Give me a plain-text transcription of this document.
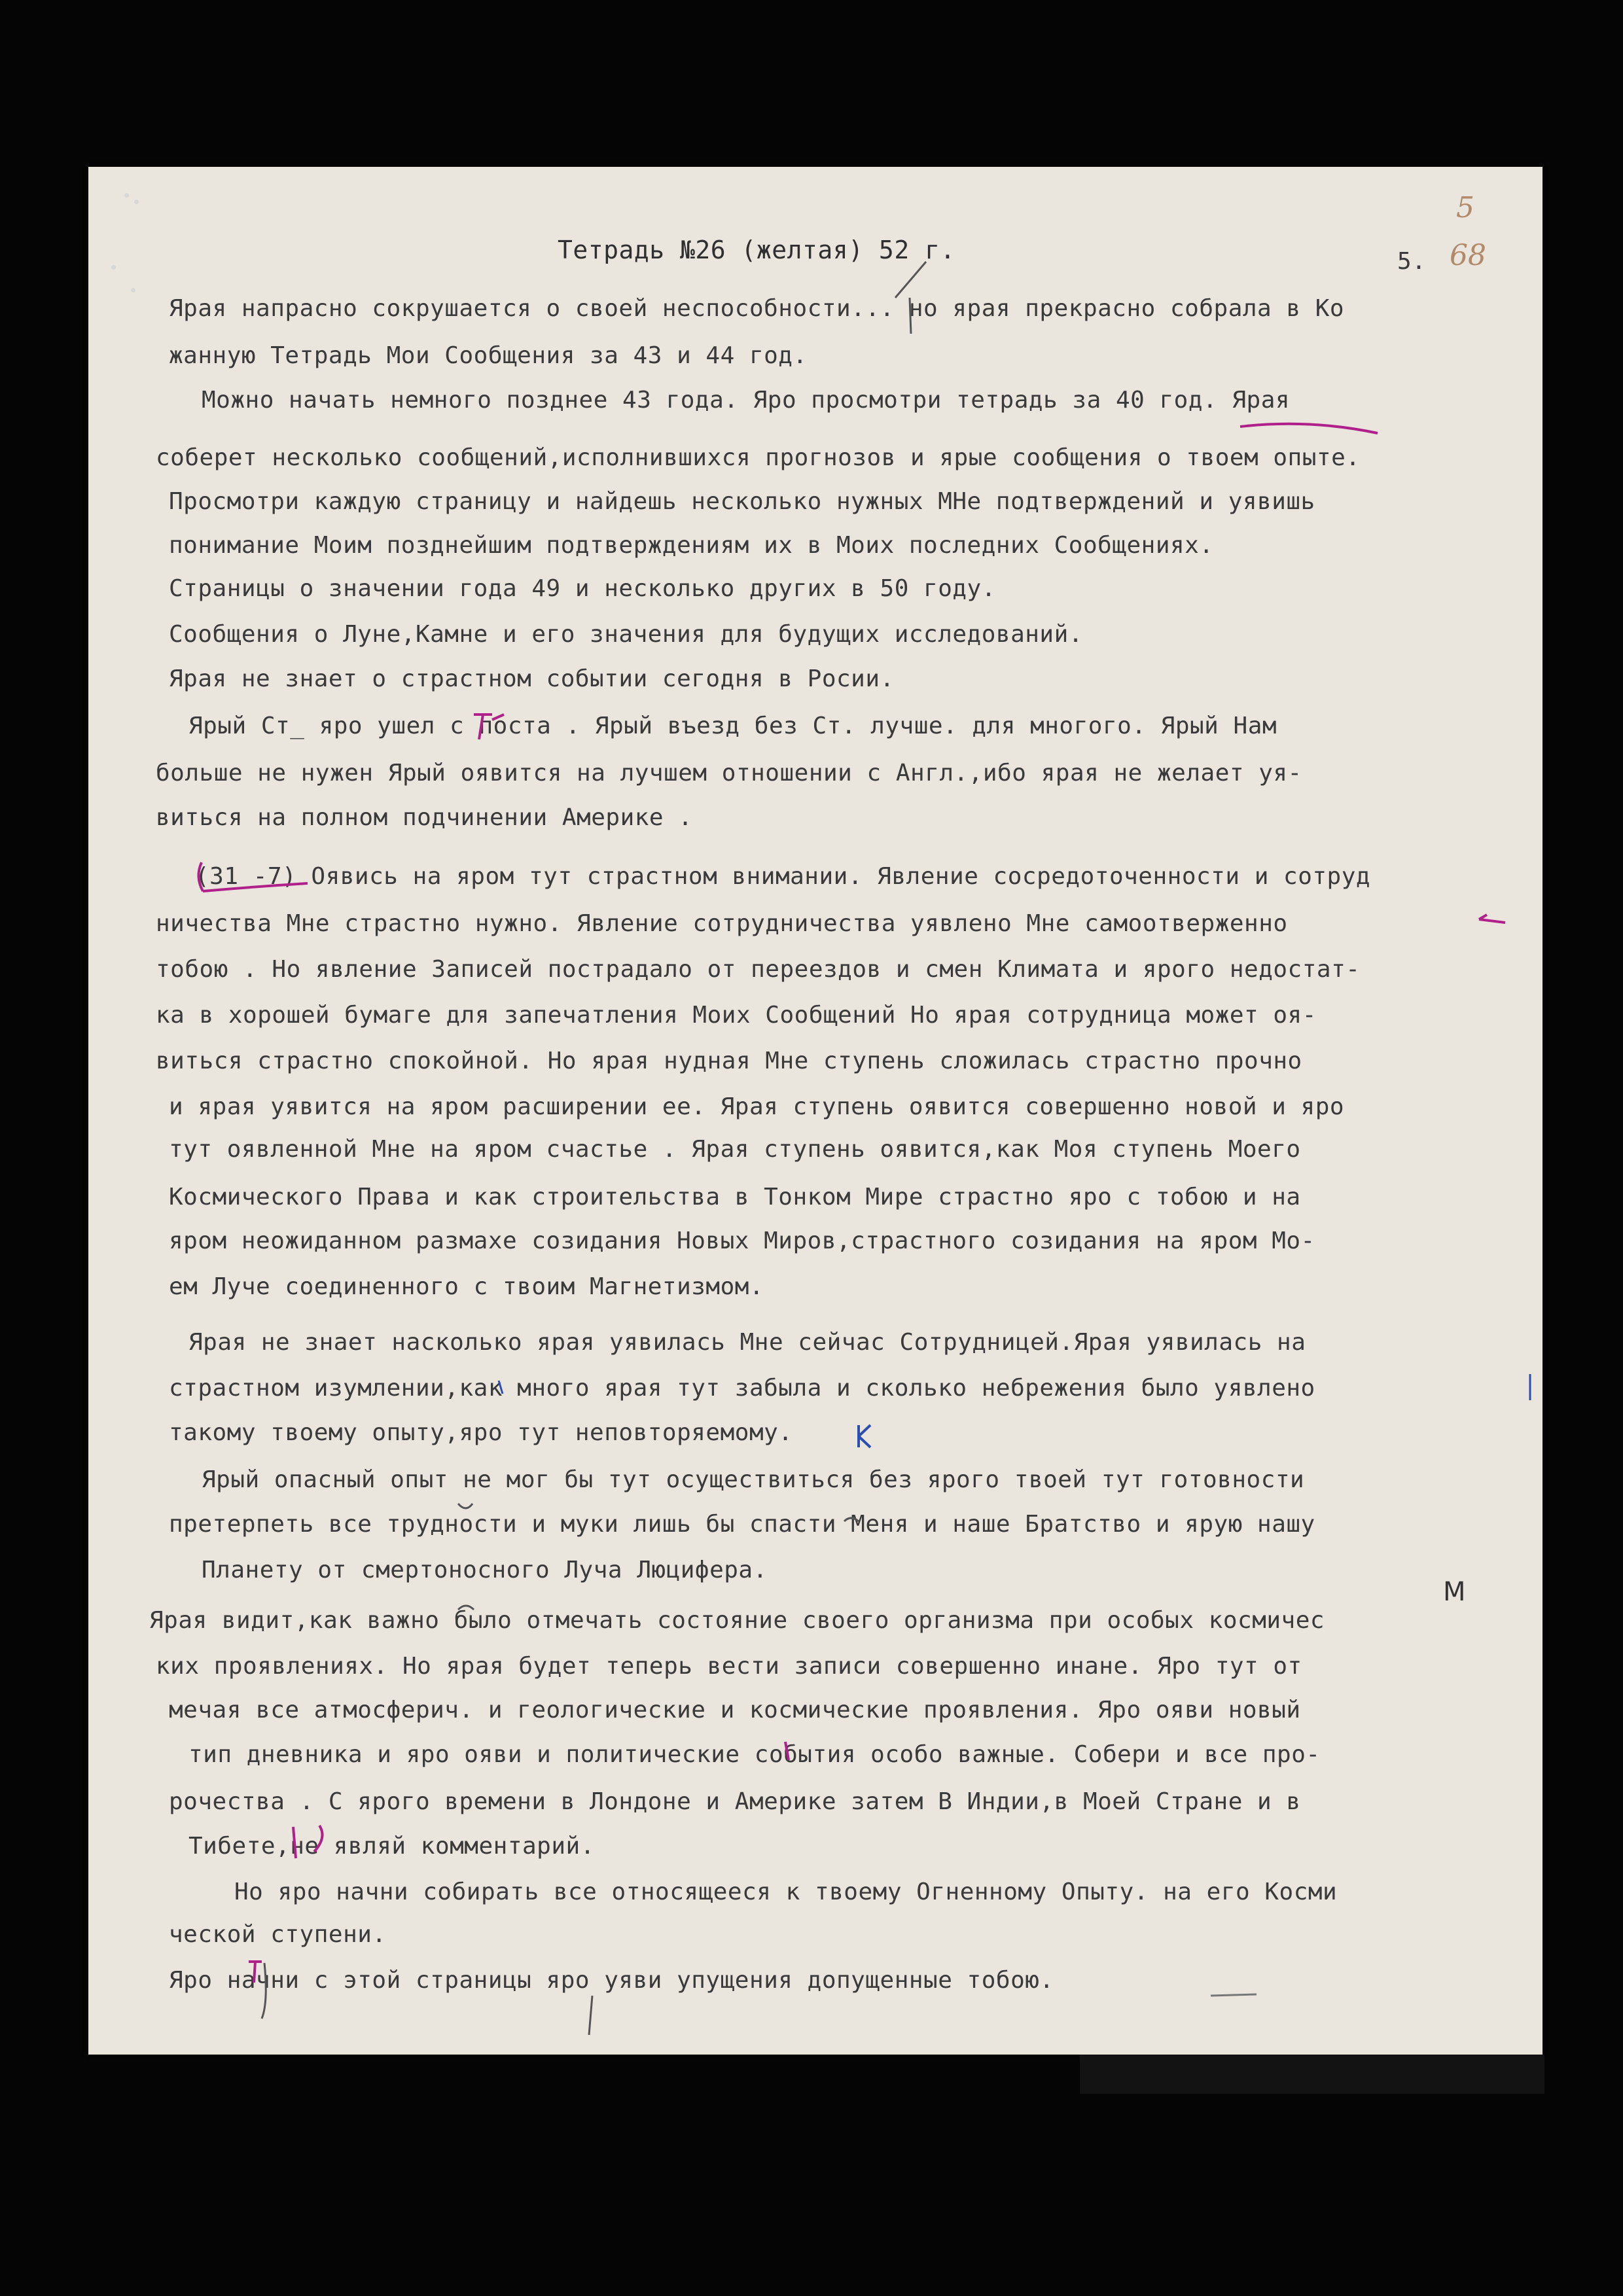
Тетрадь №26 (желтая) 52 г.	5.
5
68
Ярая напрасно сокрушается о своей неспособности... но ярая прекрасно собрала в Ко
жанную Тетрадь Мои Сообщения за 43 и 44 год.
Можно начать немного позднее 43 года. Яро просмотри тетрадь за 40 год. Ярая
соберет несколько сообщений,исполнившихся прогнозов и ярые сообщения о твоем опыте.
Просмотри каждую страницу и найдешь несколько нужных МНе подтверждений и уявишь
понимание Моим позднейшим подтверждениям их в Моих последних Сообщениях.
Страницы о значении года 49 и несколько других в 50 году.
Сообщения о Луне,Камне и его значения для будущих исследований.
Ярая не знает о страстном событии сегодня в Росии.
Ярый Ст_ яро ушел с поста . Ярый въезд без Ст. лучше. для многого. Ярый Нам
больше не нужен Ярый оявится на лучшем отношении с Англ.,ибо ярая не желает уя-
виться на полном подчинении Америке .
(31 -7) Оявись на яром тут страстном внимании. Явление сосредоточенности и сотруд
ничества Мне страстно нужно. Явление сотрудничества уявлено Мне самоотверженно
тобою . Но явление Записей пострадало от переездов и смен Климата и ярого недостат-
ка в хорошей бумаге для запечатления Моих Сообщений Но ярая сотрудница может оя-
виться страстно спокойной. Но ярая нудная Мне ступень сложилась страстно прочно
и ярая уявится на яром расширении ее. Ярая ступень оявится совершенно новой и яро
тут оявленной Мне на яром счастье . Ярая ступень оявится,как Моя ступень Моего
Космического Права и как строительства в Тонком Мире страстно яро с тобою и на
яром неожиданном размахе созидания Новых Миров,страстного созидания на яром Мо-
ем Луче соединенного с твоим Магнетизмом.
Ярая не знает насколько ярая уявилась Мне сейчас Сотрудницей.Ярая уявилась на
страстном изумлении,как много ярая тут забыла и сколько небрежения было уявлено
такому твоему опыту,яро тут неповторяемому.
Ярый опасный опыт не мог бы тут осуществиться без ярого твоей тут готовности
претерпеть все трудности и муки лишь бы спасти Меня и наше Братство и ярую нашу
Планету от смертоносного Луча Люцифера.
Ярая видит,как важно было отмечать состояние своего организма при особых космичес
ких проявлениях. Но ярая будет теперь вести записи совершенно инане. Яро тут от
мечая все атмосферич. и геологические и космические проявления. Яро ояви новый
тип дневника и яро ояви и политические события особо важные. Собери и все про-
рочества . С ярого времени в Лондоне и Америке затем В Индии,в Моей Стране и в
Тибете,не являй комментарий.
Но яро начни собирать все относящееся к твоему Огненному Опыту. на его Косми
ческой ступени.
Яро начни с этой страницы яро уяви упущения допущенные тобою.
М
